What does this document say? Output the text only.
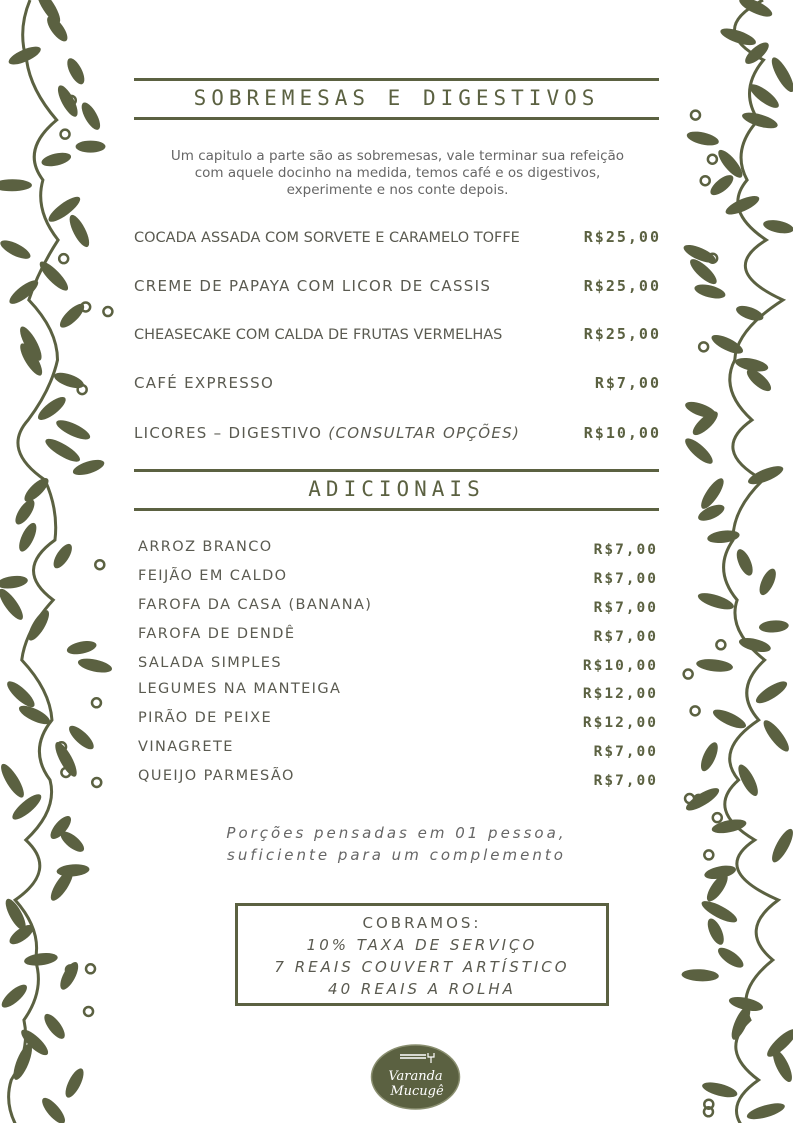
SOBREMESAS E DIGESTIVOS
Um capitulo a parte são as sobremesas, vale terminar sua refeição
com aquele docinho na medida, temos café e os digestivos,
experimente e nos conte depois.
COCADA ASSADA COM SORVETE E CARAMELO TOFFE	R$25,00
CREME DE PAPAYA COM LICOR DE CASSIS	R$25,00
CHEASECAKE COM CALDA DE FRUTAS VERMELHAS	R$25,00
CAFÉ EXPRESSO	R$7,00
LICORES – DIGESTIVO (CONSULTAR OPÇÕES)	R$10,00
ADICIONAIS
ARROZ BRANCO	R$7,00
FEIJÃO EM CALDO	R$7,00
FAROFA DA CASA (BANANA)	R$7,00
FAROFA DE DENDÊ	R$7,00
SALADA SIMPLES	R$10,00
LEGUMES NA MANTEIGA	R$12,00
PIRÃO DE PEIXE	R$12,00
VINAGRETE	R$7,00
QUEIJO PARMESÃO	R$7,00
Porções pensadas em 01 pessoa,
suficiente para um complemento
COBRAMOS:
10% TAXA DE SERVIÇO
7 REAIS COUVERT ARTÍSTICO
40 REAIS A ROLHA
Varanda
Mucugê
